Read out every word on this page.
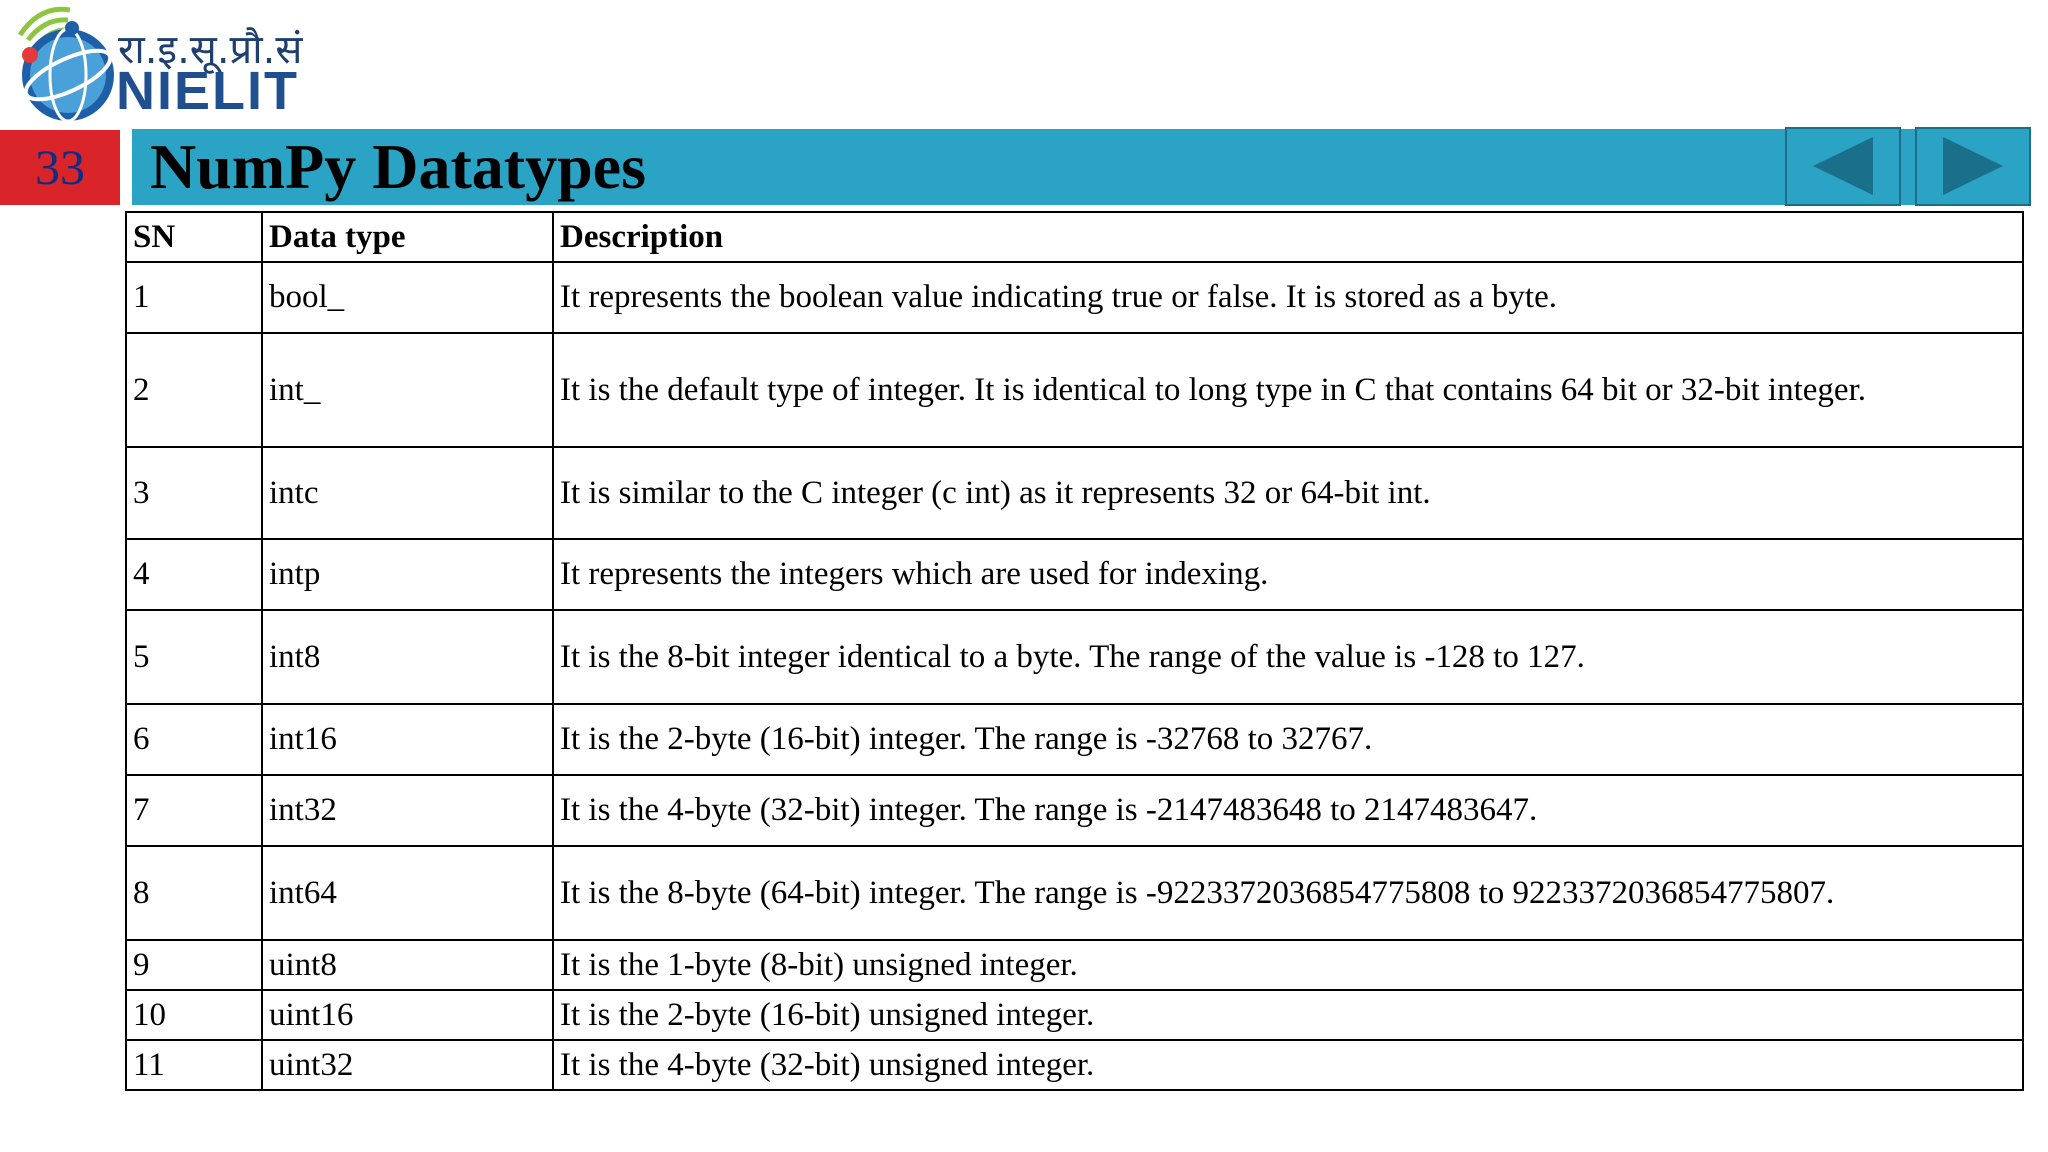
रा.इ.सू.प्रौ.सं
NIELIT
33	NumPy Datatypes
SN	Data type	Description
1	bool_	It represents the boolean value indicating true or false. It is stored as a byte.
2	int_	It is the default type of integer. It is identical to long type in C that contains 64 bit or 32-bit integer.
3	intc	It is similar to the C integer (c int) as it represents 32 or 64-bit int.
4	intp	It represents the integers which are used for indexing.
5	int8	It is the 8-bit integer identical to a byte. The range of the value is -128 to 127.
6	int16	It is the 2-byte (16-bit) integer. The range is -32768 to 32767.
7	int32	It is the 4-byte (32-bit) integer. The range is -2147483648 to 2147483647.
8	int64	It is the 8-byte (64-bit) integer. The range is -9223372036854775808 to 9223372036854775807.
9	uint8	It is the 1-byte (8-bit) unsigned integer.
10	uint16	It is the 2-byte (16-bit) unsigned integer.
11	uint32	It is the 4-byte (32-bit) unsigned integer.
